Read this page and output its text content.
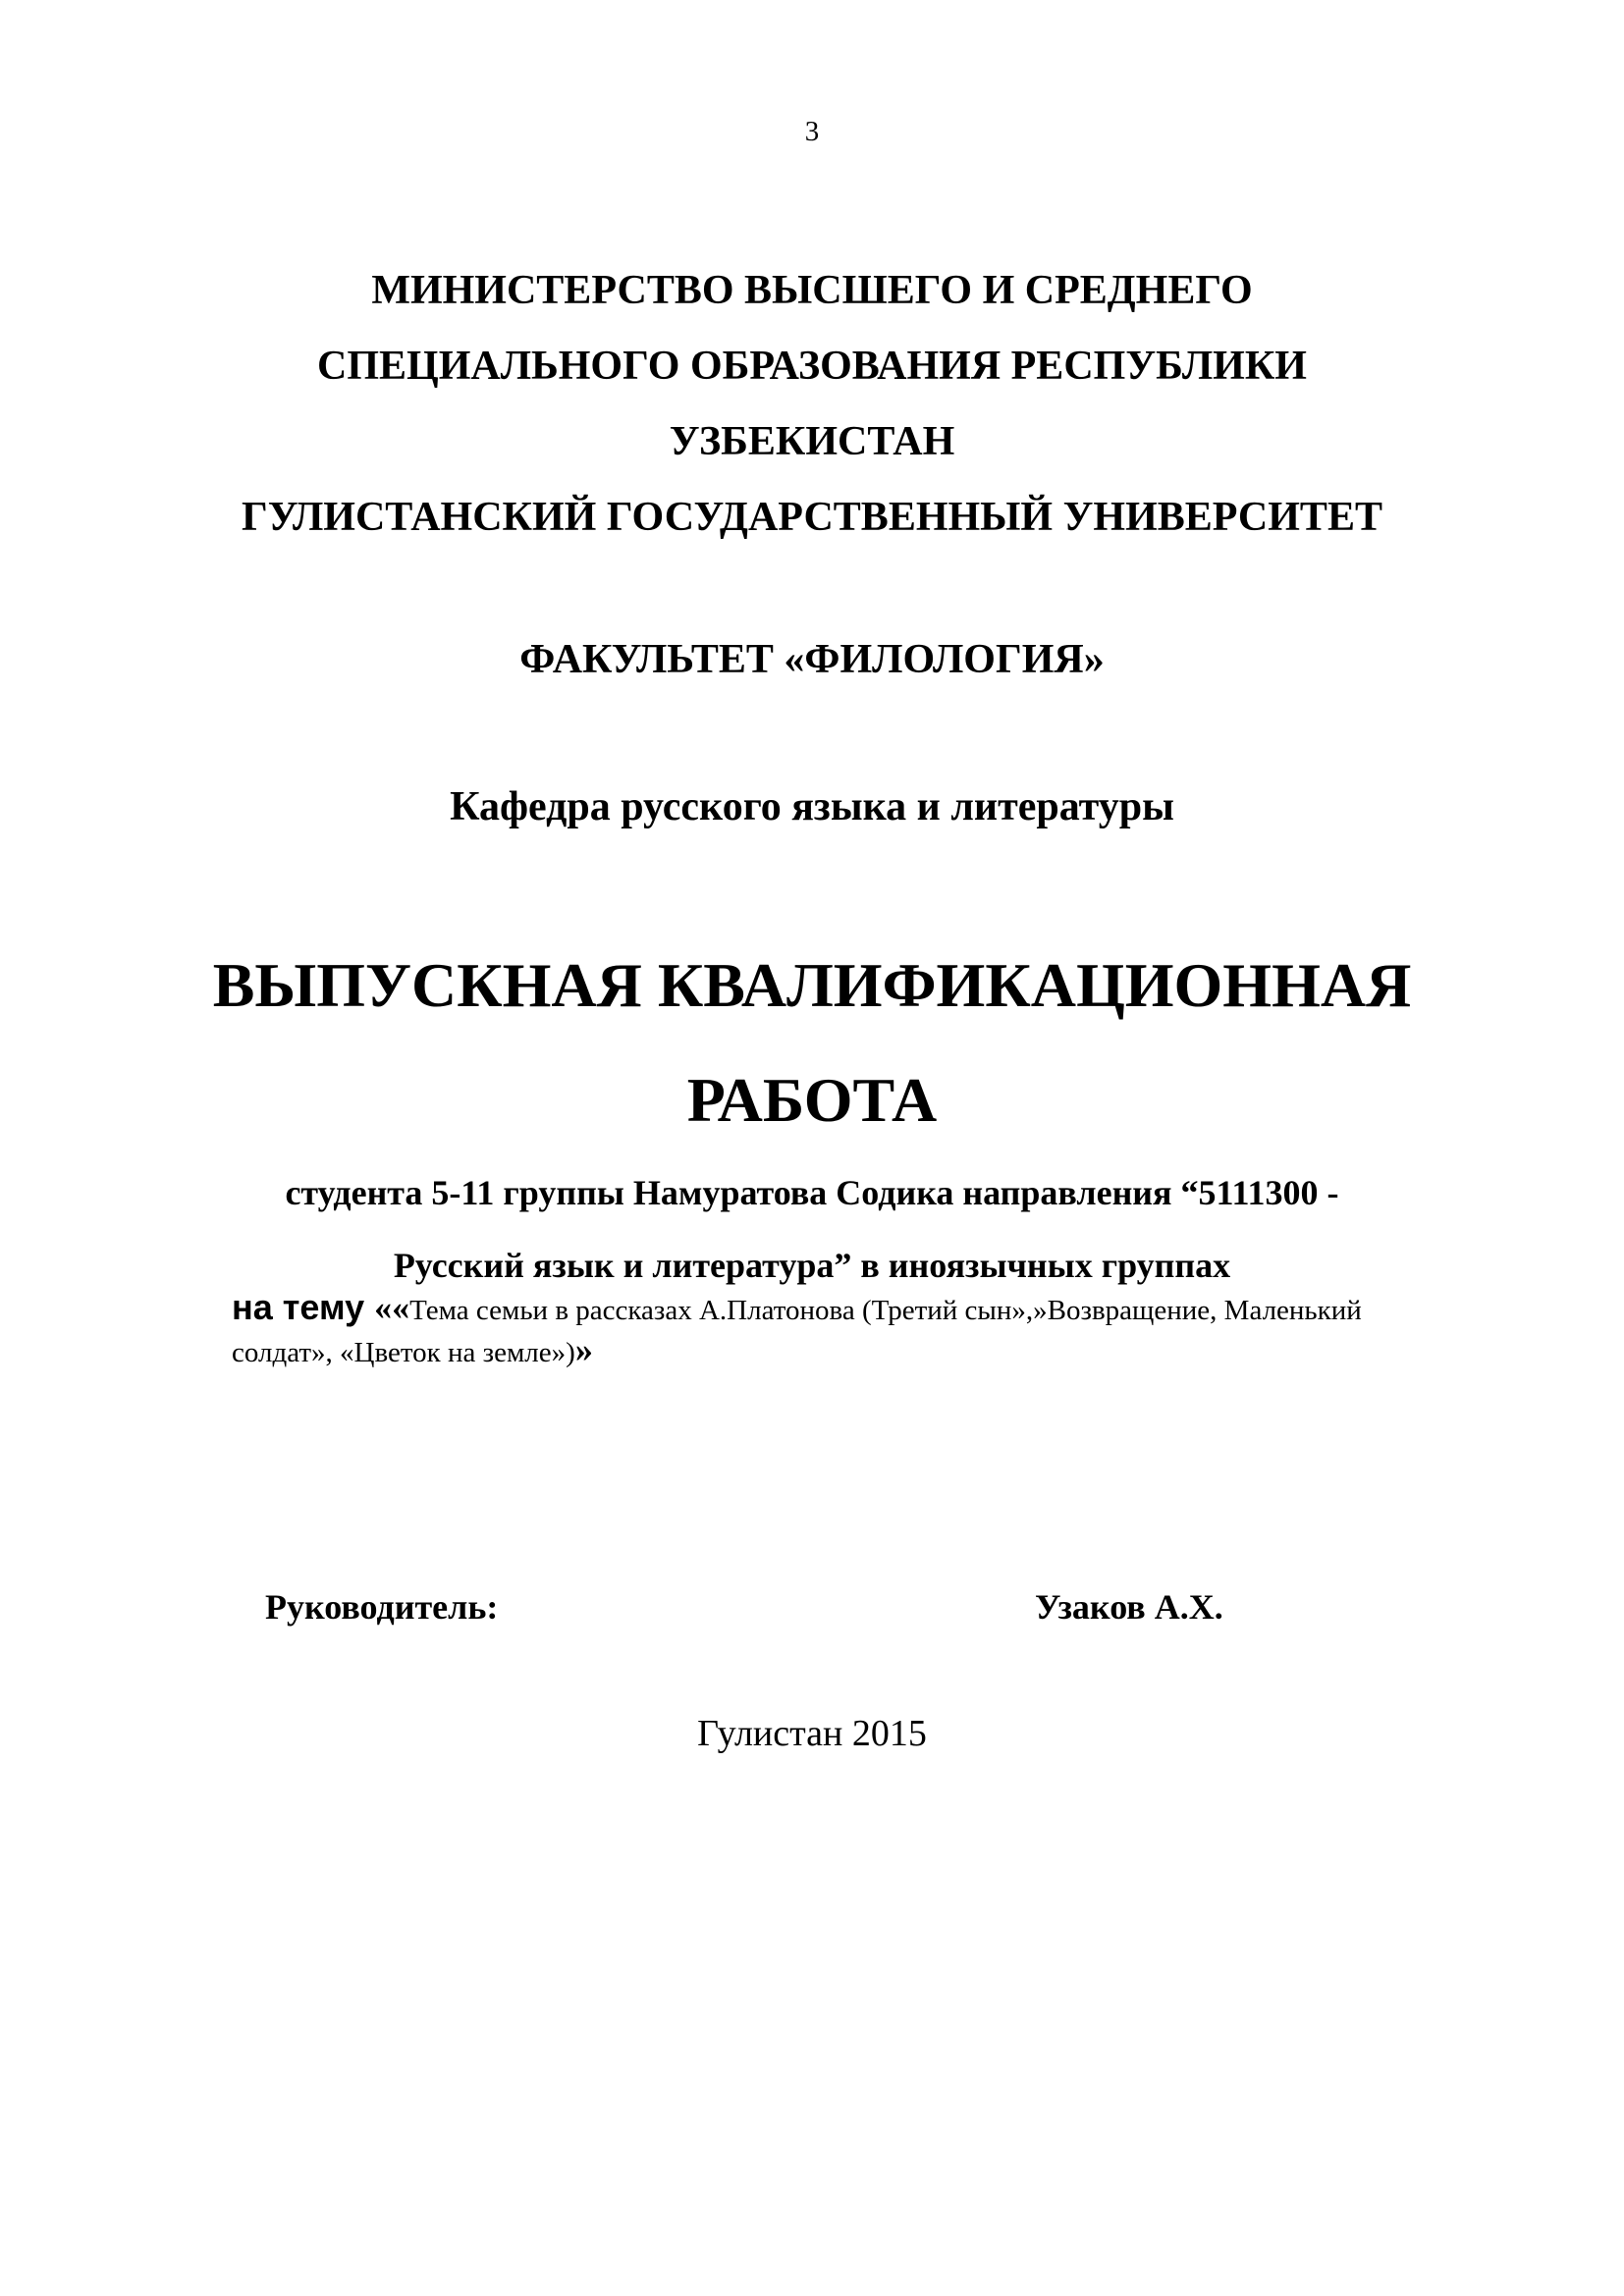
3
МИНИСТЕРСТВО ВЫСШЕГО И СРЕДНЕГО
СПЕЦИАЛЬНОГО ОБРАЗОВАНИЯ РЕСПУБЛИКИ
УЗБЕКИСТАН
ГУЛИСТАНСКИЙ ГОСУДАРСТВЕННЫЙ УНИВЕРСИТЕТ
ФАКУЛЬТЕТ «ФИЛОЛОГИЯ»
Кафедра русского языка и литературы
ВЫПУСКНАЯ КВАЛИФИКАЦИОННАЯ
РАБОТА
студента 5-11 группы Намуратова Содика направления “5111300 -
Русский язык и литература” в иноязычных группах
на тему ««Тема семьи в рассказах А.Платонова (Третий сын»,»Возвращение, Маленький
солдат», «Цветок на земле»)»
Руководитель:	Узаков А.Х.
Гулистан 2015
